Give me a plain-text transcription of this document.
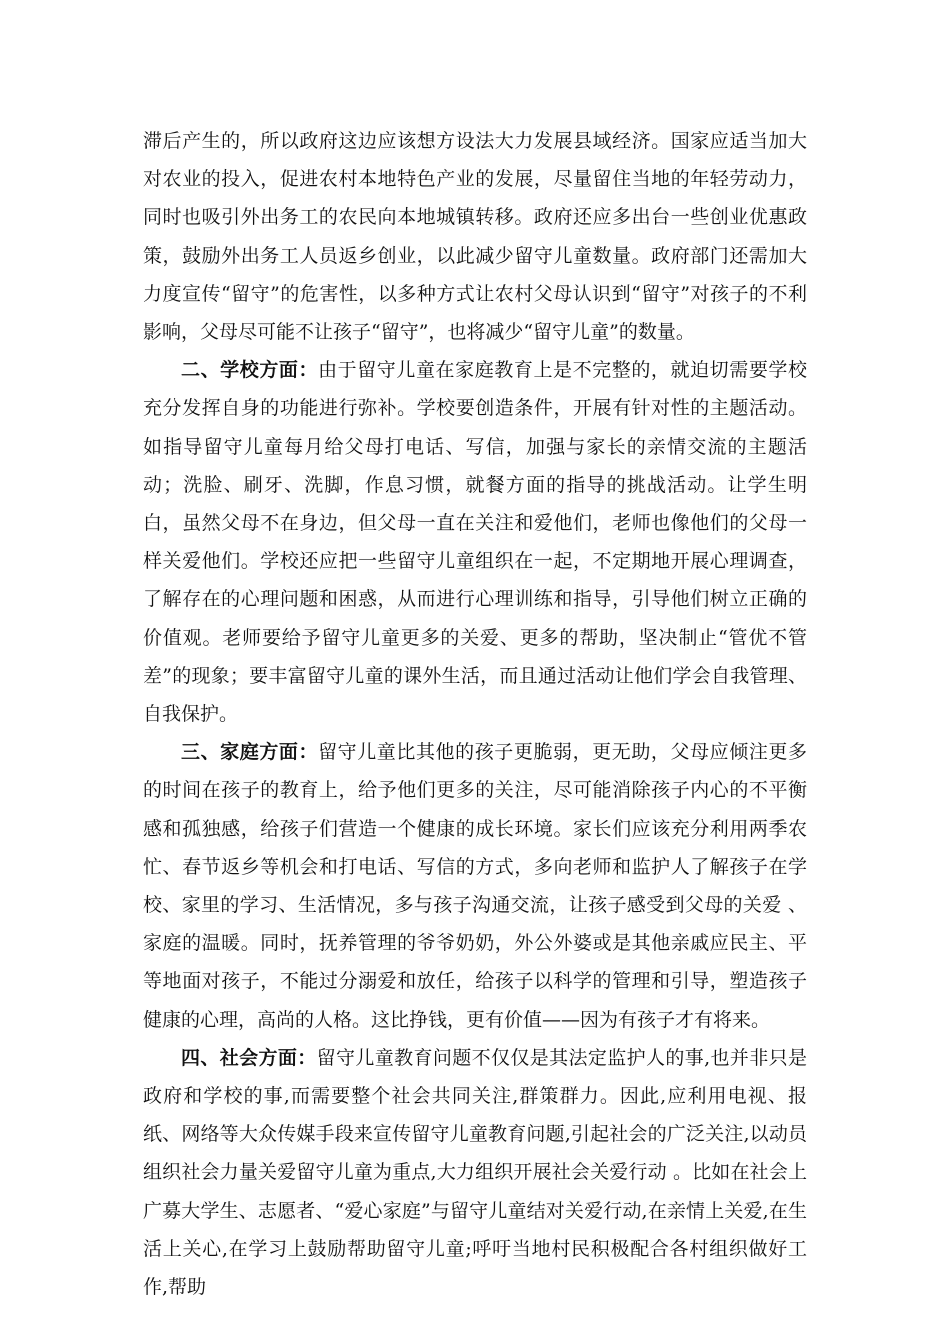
滞后产生的，所以政府这边应该想方设法大力发展县域经济。国家应适当加大对农业的投入，促进农村本地特色产业的发展，尽量留住当地的年轻劳动力，同时也吸引外出务工的农民向本地城镇转移。政府还应多出台一些创业优惠政策，鼓励外出务工人员返乡创业，以此减少留守儿童数量。政府部门还需加大力度宣传“留守”的危害性，以多种方式让农村父母认识到“留守”对孩子的不利影响，父母尽可能不让孩子“留守”，也将减少“留守儿童”的数量。

二、学校方面：由于留守儿童在家庭教育上是不完整的，就迫切需要学校充分发挥自身的功能进行弥补。学校要创造条件，开展有针对性的主题活动。如指导留守儿童每月给父母打电话、写信，加强与家长的亲情交流的主题活动；洗脸、刷牙、洗脚，作息习惯，就餐方面的指导的挑战活动。让学生明白，虽然父母不在身边，但父母一直在关注和爱他们，老师也像他们的父母一样关爱他们。学校还应把一些留守儿童组织在一起，不定期地开展心理调查，了解存在的心理问题和困惑，从而进行心理训练和指导，引导他们树立正确的价值观。老师要给予留守儿童更多的关爱、更多的帮助，坚决制止“管优不管差”的现象；要丰富留守儿童的课外生活，而且通过活动让他们学会自我管理、自我保护。

三、家庭方面：留守儿童比其他的孩子更脆弱，更无助，父母应倾注更多的时间在孩子的教育上，给予他们更多的关注，尽可能消除孩子内心的不平衡感和孤独感，给孩子们营造一个健康的成长环境。家长们应该充分利用两季农忙、春节返乡等机会和打电话、写信的方式，多向老师和监护人了解孩子在学校、家里的学习、生活情况，多与孩子沟通交流，让孩子感受到父母的关爱 、家庭的温暖。同时，抚养管理的爷爷奶奶，外公外婆或是其他亲戚应民主、平等地面对孩子，不能过分溺爱和放任，给孩子以科学的管理和引导，塑造孩子健康的心理，高尚的人格。这比挣钱，更有价值——因为有孩子才有将来。

四、社会方面：留守儿童教育问题不仅仅是其法定监护人的事,也并非只是政府和学校的事,而需要整个社会共同关注,群策群力。因此,应利用电视、报纸、网络等大众传媒手段来宣传留守儿童教育问题,引起社会的广泛关注,以动员组织社会力量关爱留守儿童为重点,大力组织开展社会关爱行动 。比如在社会上广募大学生、志愿者、“爱心家庭”与留守儿童结对关爱行动,在亲情上关爱,在生活上关心,在学习上鼓励帮助留守儿童;呼吁当地村民积极配合各村组织做好工作,帮助
